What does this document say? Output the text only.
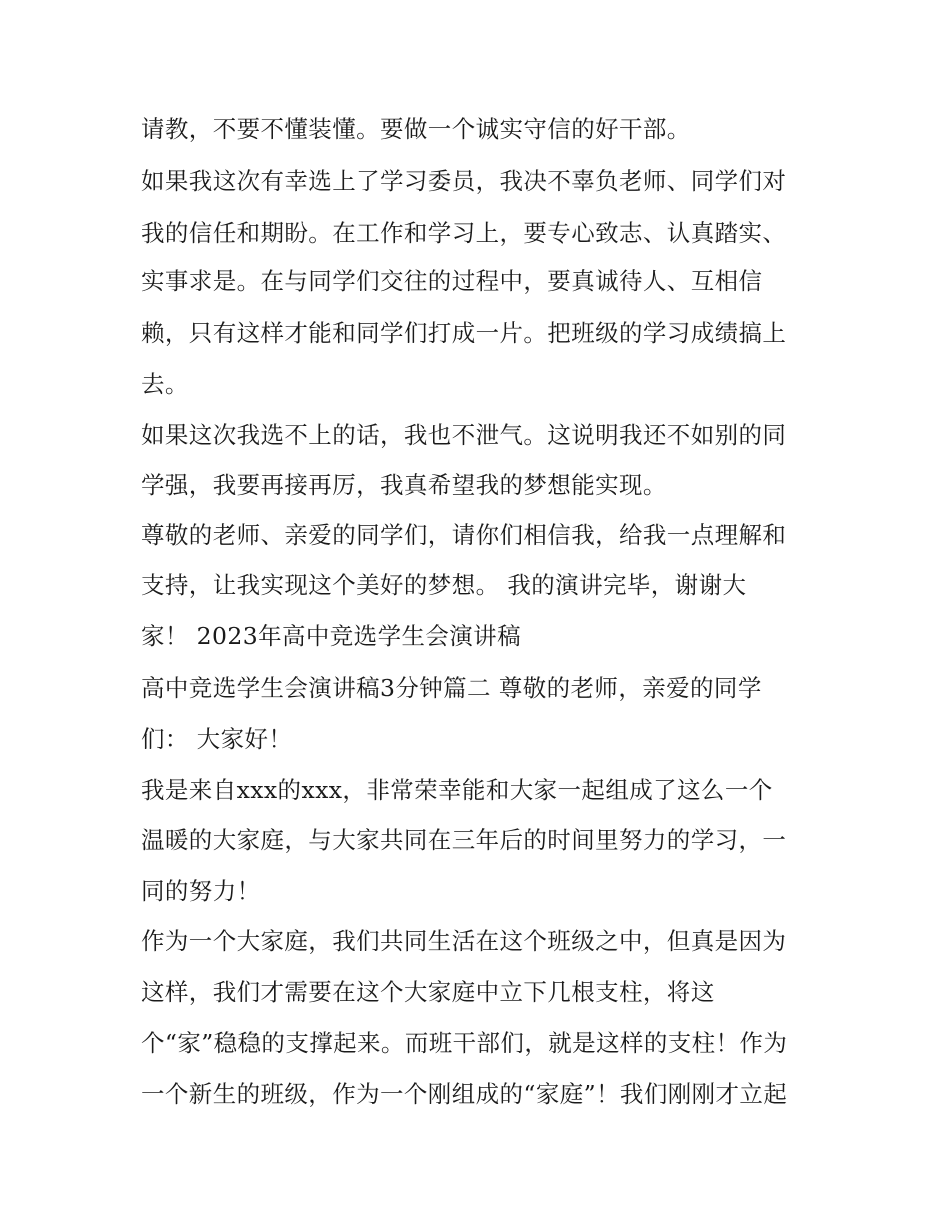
请教，不要不懂装懂。要做一个诚实守信的好干部。
如果我这次有幸选上了学习委员，我决不辜负老师、同学们对
我的信任和期盼。在工作和学习上，要专心致志、认真踏实、
实事求是。在与同学们交往的过程中，要真诚待人、互相信
赖，只有这样才能和同学们打成一片。把班级的学习成绩搞上
去。
如果这次我选不上的话，我也不泄气。这说明我还不如别的同
学强，我要再接再厉，我真希望我的梦想能实现。
尊敬的老师、亲爱的同学们，请你们相信我，给我一点理解和
支持，让我实现这个美好的梦想。 我的演讲完毕，谢谢大
家！ 2023年高中竞选学生会演讲稿
高中竞选学生会演讲稿3分钟篇二 尊敬的老师，亲爱的同学
们： 大家好！
我是来自xxx的xxx，非常荣幸能和大家一起组成了这么一个
温暖的大家庭，与大家共同在三年后的时间里努力的学习，一
同的努力！
作为一个大家庭，我们共同生活在这个班级之中，但真是因为
这样，我们才需要在这个大家庭中立下几根支柱，将这
个“家”稳稳的支撑起来。而班干部们，就是这样的支柱！作为
一个新生的班级，作为一个刚组成的“家庭”！我们刚刚才立起
